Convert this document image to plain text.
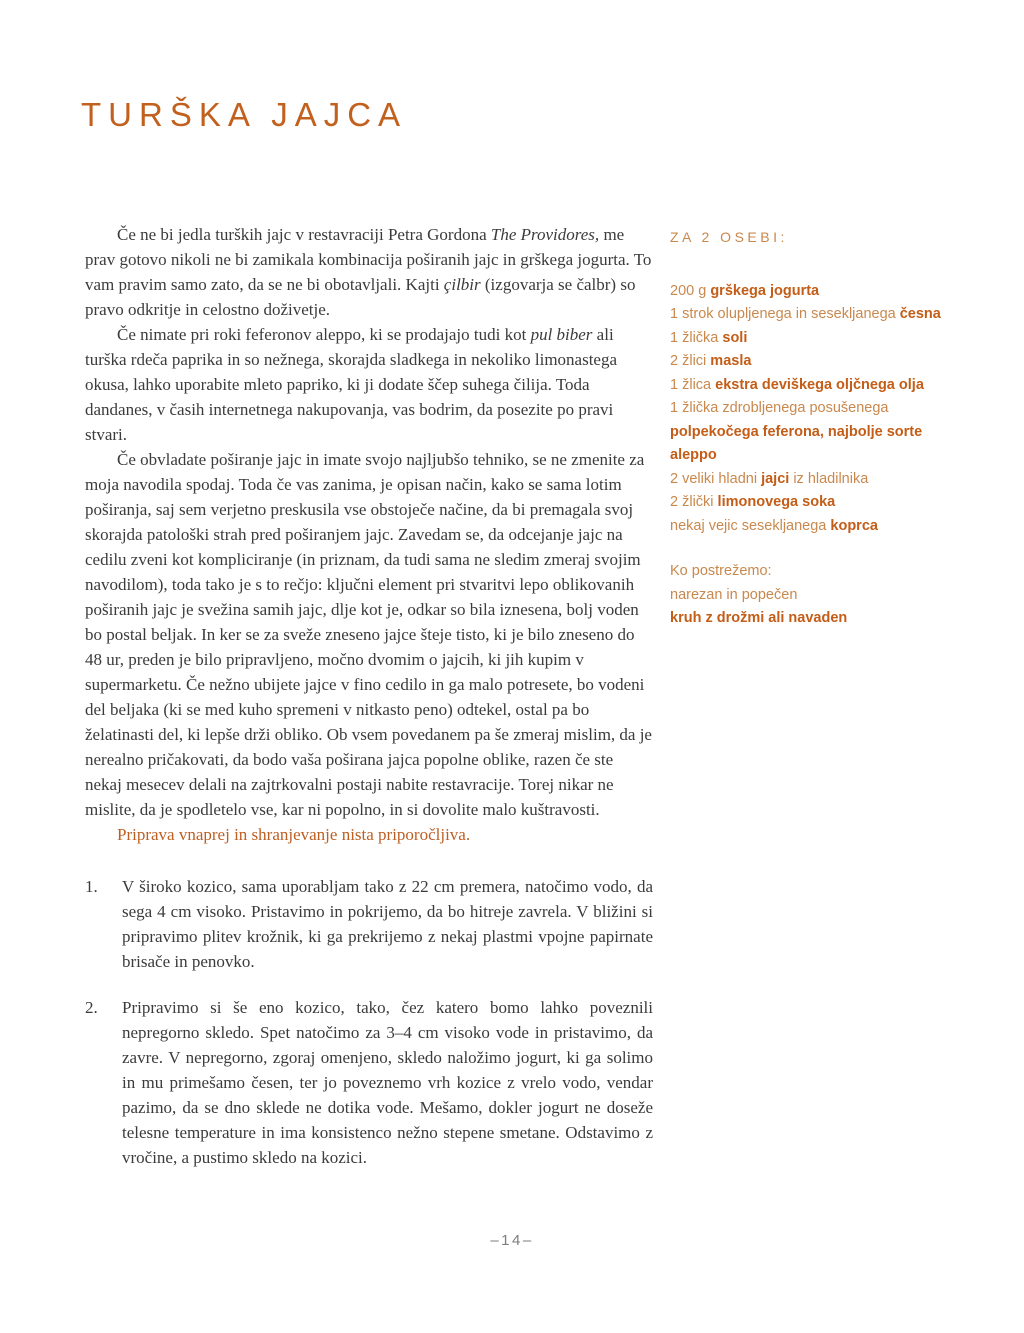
TURŠKA JAJCA

Če ne bi jedla turških jajc v restavraciji Petra Gordona The Providores, me prav gotovo nikoli ne bi zamikala kombinacija poširanih jajc in grškega jogurta. To vam pravim samo zato, da se ne bi obotavljali. Kajti çilbir (izgovarja se čalbr) so pravo odkritje in celostno doživetje.

Če nimate pri roki feferonov aleppo, ki se prodajajo tudi kot pul biber ali turška rdeča paprika in so nežnega, skorajda sladkega in nekoliko limonastega okusa, lahko uporabite mleto papriko, ki ji dodate ščep suhega čilija. Toda dandanes, v časih internetnega nakupovanja, vas bodrim, da posezite po pravi stvari.

Če obvladate poširanje jajc in imate svojo najljubšo tehniko, se ne zmenite za moja navodila spodaj. Toda če vas zanima, je opisan način, kako se sama lotim poširanja, saj sem verjetno preskusila vse obstoječe načine, da bi premagala svoj skorajda patološki strah pred poširanjem jajc. Zavedam se, da odcejanje jajc na cedilu zveni kot kompliciranje (in priznam, da tudi sama ne sledim zmeraj svojim navodilom), toda tako je s to rečjo: ključni element pri stvaritvi lepo oblikovanih poširanih jajc je svežina samih jajc, dlje kot je, odkar so bila iznesena, bolj voden bo postal beljak. In ker se za sveže zneseno jajce šteje tisto, ki je bilo zneseno do 48 ur, preden je bilo pripravljeno, močno dvomim o jajcih, ki jih kupim v supermarketu. Če nežno ubijete jajce v fino cedilo in ga malo potresete, bo vodeni del beljaka (ki se med kuho spremeni v nitkasto peno) odtekel, ostal pa bo želatinasti del, ki lepše drži obliko. Ob vsem povedanem pa še zmeraj mislim, da je nerealno pričakovati, da bodo vaša poširana jajca popolne oblike, razen če ste nekaj mesecev delali na zajtrkovalni postaji nabite restavracije. Torej nikar ne mislite, da je spodletelo vse, kar ni popolno, in si dovolite malo kuštravosti.

Priprava vnaprej in shranjevanje nista priporočljiva.

1.	V široko kozico, sama uporabljam tako z 22 cm premera, natočimo vodo, da sega 4 cm visoko. Pristavimo in pokrijemo, da bo hitreje zavrela. V bližini si pripravimo plitev krožnik, ki ga prekrijemo z nekaj plastmi vpojne papirnate brisače in penovko.
2.	Pripravimo si še eno kozico, tako, čez katero bomo lahko poveznili nepregorno skledo. Spet natočimo za 3–4 cm visoko vode in pristavimo, da zavre. V nepregorno, zgoraj omenjeno, skledo naložimo jogurt, ki ga solimo in mu primešamo česen, ter jo poveznemo vrh kozice z vrelo vodo, vendar pazimo, da se dno sklede ne dotika vode. Mešamo, dokler jogurt ne doseže telesne temperature in ima konsistenco nežno stepene smetane. Odstavimo z vročine, a pustimo skledo na kozici.
ZA 2 OSEBI:
200 g grškega jogurta
1 strok olupljenega in sesekljanega česna
1 žlička soli
2 žlici masla
1 žlica ekstra deviškega oljčnega olja
1 žlička zdrobljenega posušenega polpekočega feferona, najbolje sorte aleppo
2 veliki hladni jajci iz hladilnika
2 žlički limonovega soka
nekaj vejic sesekljanega koprca
Ko postrežemo:
narezan in popečen
kruh z drožmi ali navaden
–14–
